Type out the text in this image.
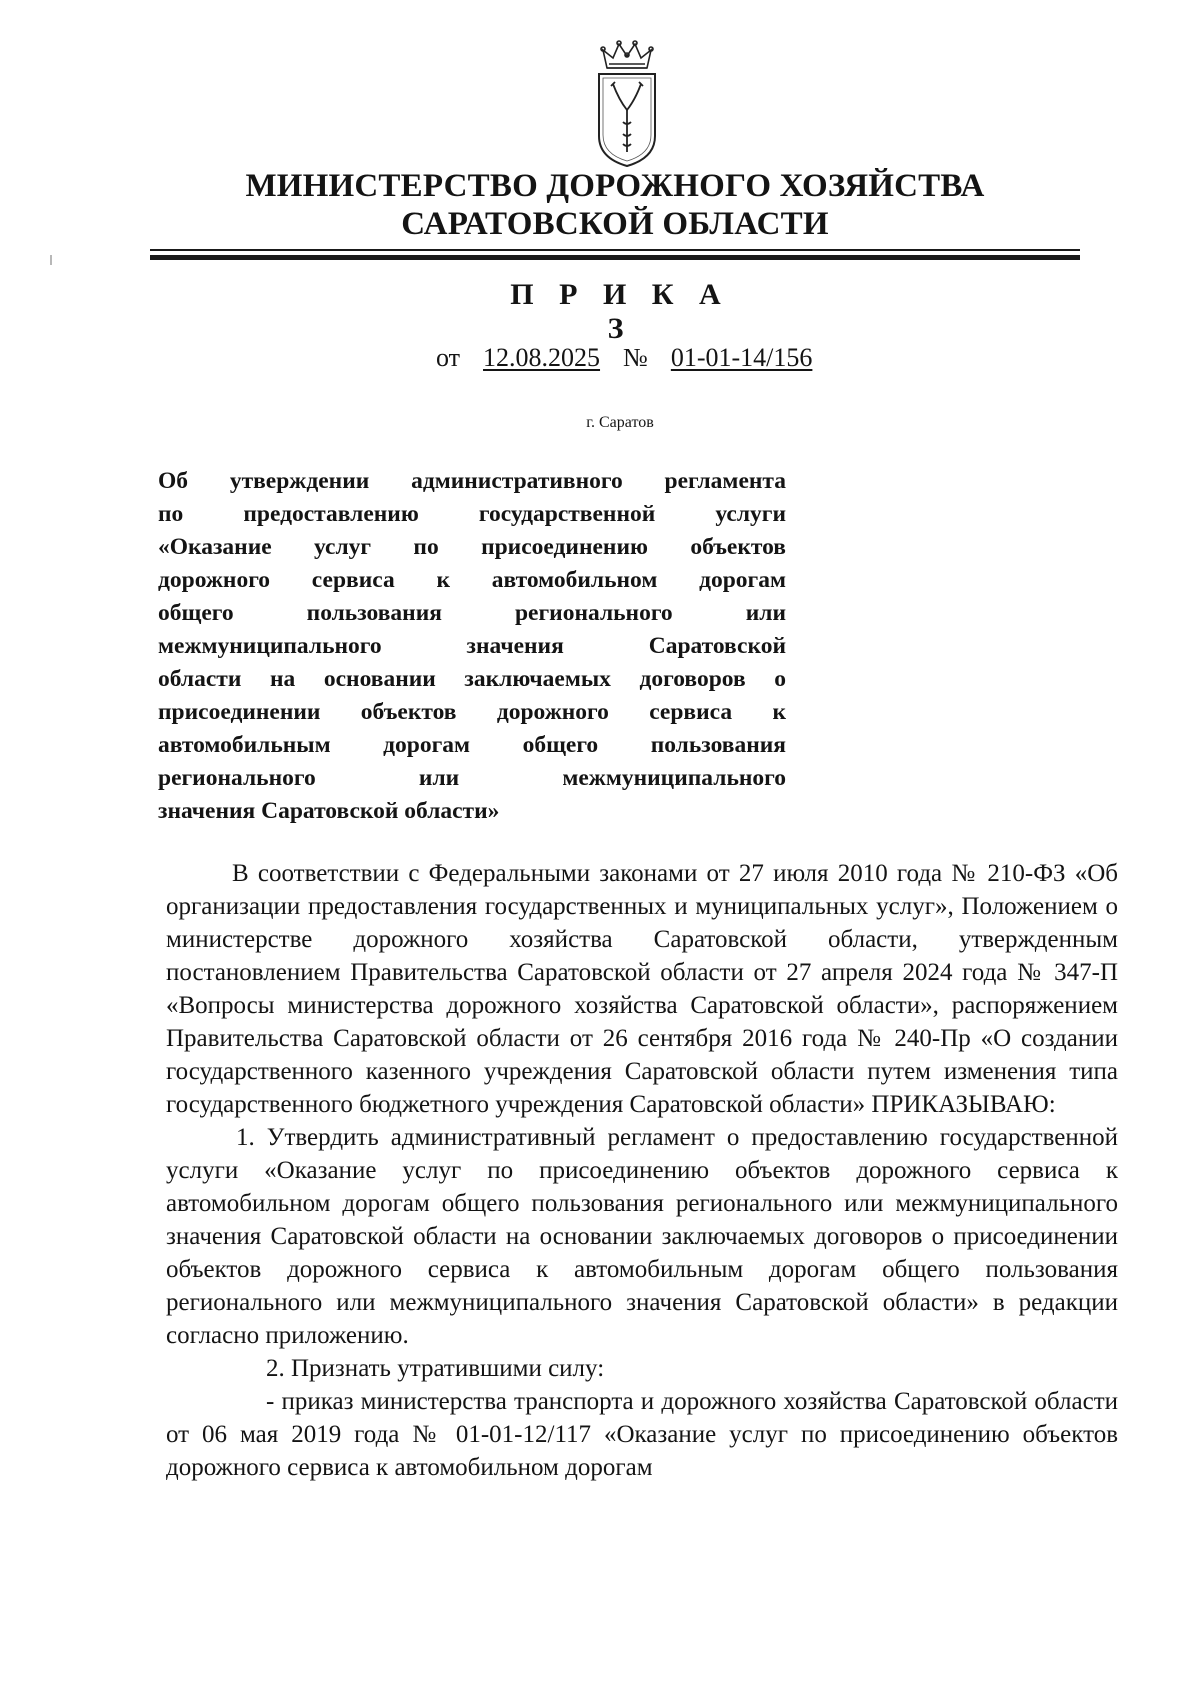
МИНИСТЕРСТВО ДОРОЖНОГО ХОЗЯЙСТВА
САРАТОВСКОЙ ОБЛАСТИ
П Р И К А З
от 12.08.2025 № 01-01-14/156
г. Саратов
Об утверждении административного регламента
по предоставлению государственной услуги
«Оказание услуг по присоединению объектов
дорожного сервиса к автомобильном дорогам
общего пользования регионального или
межмуниципального значения Саратовской
области на основании заключаемых договоров о
присоединении объектов дорожного сервиса к
автомобильным дорогам общего пользования
регионального или межмуниципального
значения Саратовской области»

В соответствии с Федеральными законами от 27 июля 2010 года № 210-ФЗ «Об организации предоставления государственных и муниципальных услуг», Положением о министерстве дорожного хозяйства Саратовской области, утвержденным постановлением Правительства Саратовской области от 27 апреля 2024 года № 347-П «Вопросы министерства дорожного хозяйства Саратовской области», распоряжением Правительства Саратовской области от 26 сентября 2016 года № 240-Пр «О создании государственного казенного учреждения Саратовской области путем изменения типа государственного бюджетного учреждения Саратовской области» ПРИКАЗЫВАЮ:

1. Утвердить административный регламент о предоставлению государственной услуги «Оказание услуг по присоединению объектов дорожного сервиса к автомобильном дорогам общего пользования регионального или межмуниципального значения Саратовской области на основании заключаемых договоров о присоединении объектов дорожного сервиса к автомобильным дорогам общего пользования регионального или межмуниципального значения Саратовской области» в редакции согласно приложению.

2. Признать утратившими силу:

- приказ министерства транспорта и дорожного хозяйства Саратовской области от 06 мая 2019 года № 01-01-12/117 «Оказание услуг по присоединению объектов дорожного сервиса к автомобильном дорогам
